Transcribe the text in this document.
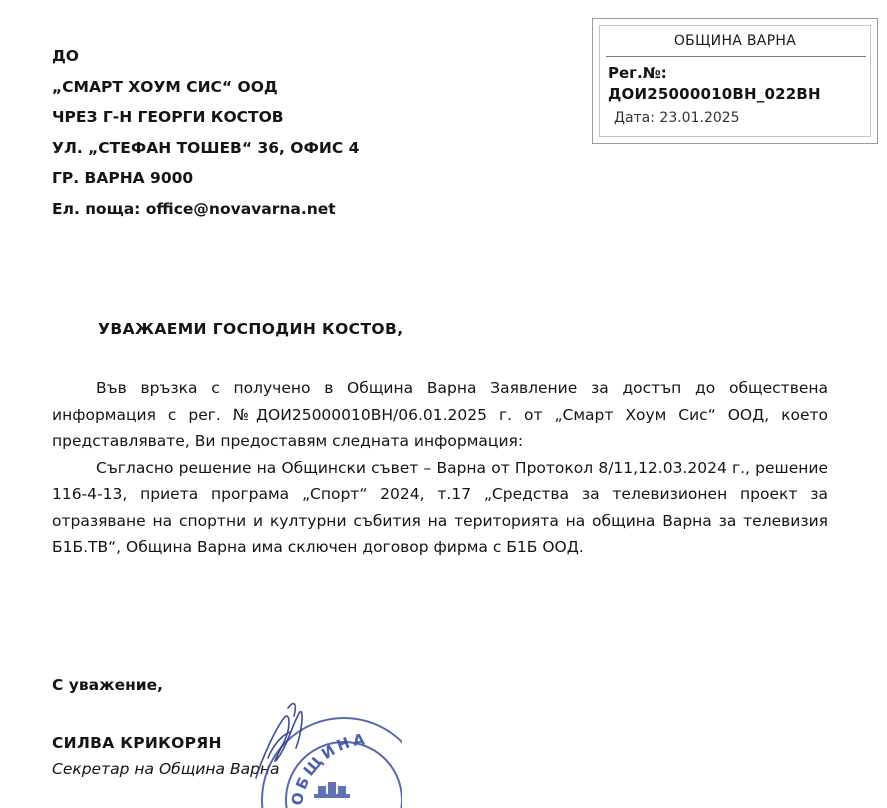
ДО
„СМАРТ ХОУМ СИС“ ООД
ЧРЕЗ Г-Н ГЕОРГИ КОСТОВ
УЛ. „СТЕФАН ТОШЕВ“ 36, ОФИС 4
ГР. ВАРНА 9000
Ел. поща: office@novavarna.net
ОБЩИНА ВАРНА
Рег.№:
ДОИ25000010ВН_022ВН
Дата: 23.01.2025
УВАЖАЕМИ ГОСПОДИН КОСТОВ,

Във връзка с получено в Община Варна Заявление за достъп до обществена информация с рег. №ДОИ25000010ВН/06.01.2025 г. от „Смарт Хоум Сис“ ООД, което представлявате, Ви предоставям следната информация:

Съгласно решение на Общински съвет – Варна от Протокол 8/11,12.03.2024 г., решение 116-4-13, приета програма „Спорт“ 2024, т.17 „Средства за телевизионен проект за отразяване на спортни и културни събития на територията на община Варна за телевизия Б1Б.ТВ“, Община Варна има сключен договор фирма с Б1Б ООД.

С уважение,
СИЛВА КРИКОРЯН
Секретар на Община Варна
ОБЩИНА
